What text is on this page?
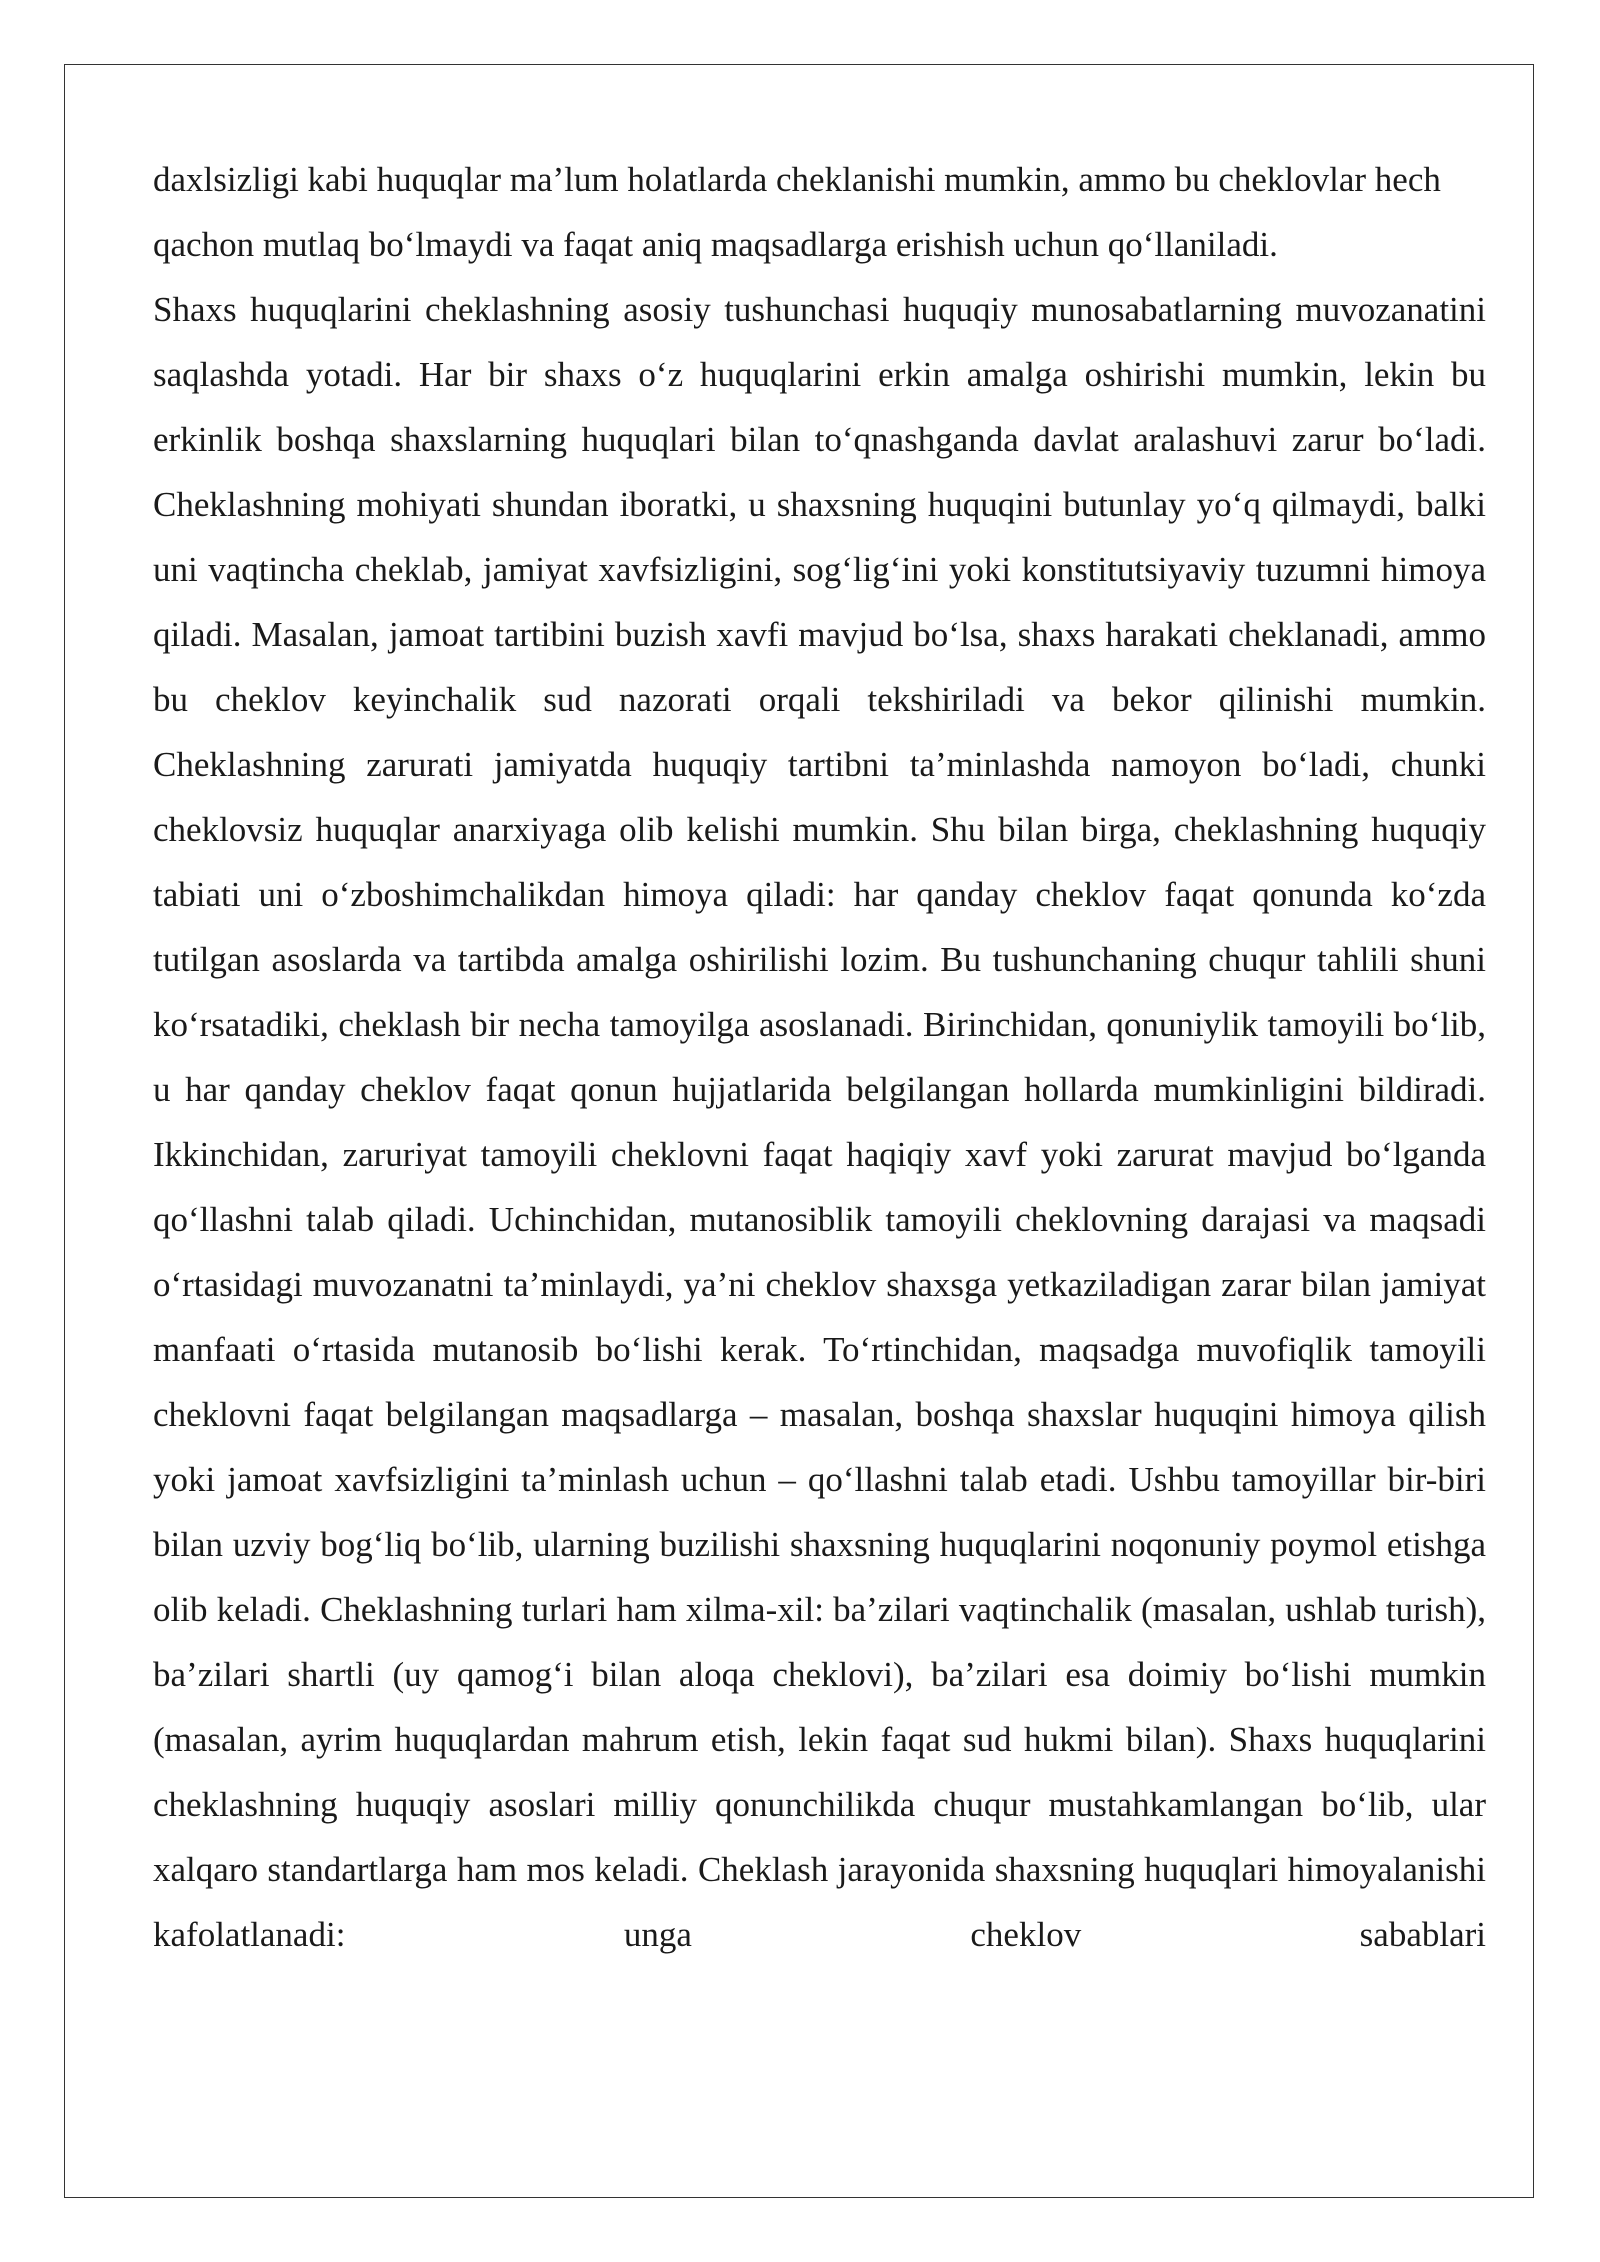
daxlsizligi kabi huquqlar ma’lum holatlarda cheklanishi mumkin, ammo bu cheklovlar hech qachon mutlaq bo‘lmaydi va faqat aniq maqsadlarga erishish uchun qo‘llaniladi.

Shaxs huquqlarini cheklashning asosiy tushunchasi huquqiy munosabatlarning muvozanatini saqlashda yotadi. Har bir shaxs o‘z huquqlarini erkin amalga oshirishi mumkin, lekin bu erkinlik boshqa shaxslarning huquqlari bilan to‘qnashganda davlat aralashuvi zarur bo‘ladi. Cheklashning mohiyati shundan iboratki, u shaxsning huquqini butunlay yo‘q qilmaydi, balki uni vaqtincha cheklab, jamiyat xavfsizligini, sog‘lig‘ini yoki konstitutsiyaviy tuzumni himoya qiladi. Masalan, jamoat tartibini buzish xavfi mavjud bo‘lsa, shaxs harakati cheklanadi, ammo bu cheklov keyinchalik sud nazorati orqali tekshiriladi va bekor qilinishi mumkin. Cheklashning zarurati jamiyatda huquqiy tartibni ta’minlashda namoyon bo‘ladi, chunki cheklovsiz huquqlar anarxiyaga olib kelishi mumkin. Shu bilan birga, cheklashning huquqiy tabiati uni o‘zboshimchalikdan himoya qiladi: har qanday cheklov faqat qonunda ko‘zda tutilgan asoslarda va tartibda amalga oshirilishi lozim. Bu tushunchaning chuqur tahlili shuni ko‘rsatadiki, cheklash bir necha tamoyilga asoslanadi. Birinchidan, qonuniylik tamoyili bo‘lib, u har qanday cheklov faqat qonun hujjatlarida belgilangan hollarda mumkinligini bildiradi. Ikkinchidan, zaruriyat tamoyili cheklovni faqat haqiqiy xavf yoki zarurat mavjud bo‘lganda qo‘llashni talab qiladi. Uchinchidan, mutanosiblik tamoyili cheklovning darajasi va maqsadi o‘rtasidagi muvozanatni ta’minlaydi, ya’ni cheklov shaxsga yetkaziladigan zarar bilan jamiyat manfaati o‘rtasida mutanosib bo‘lishi kerak. To‘rtinchidan, maqsadga muvofiqlik tamoyili cheklovni faqat belgilangan maqsadlarga – masalan, boshqa shaxslar huquqini himoya qilish yoki jamoat xavfsizligini ta’minlash uchun – qo‘llashni talab etadi. Ushbu tamoyillar bir-biri bilan uzviy bog‘liq bo‘lib, ularning buzilishi shaxsning huquqlarini noqonuniy poymol etishga olib keladi. Cheklashning turlari ham xilma-xil: ba’zilari vaqtinchalik (masalan, ushlab turish), ba’zilari shartli (uy qamog‘i bilan aloqa cheklovi), ba’zilari esa doimiy bo‘lishi mumkin (masalan, ayrim huquqlardan mahrum etish, lekin faqat sud hukmi bilan). Shaxs huquqlarini cheklashning huquqiy asoslari milliy qonunchilikda chuqur mustahkamlangan bo‘lib, ular xalqaro standartlarga ham mos keladi. Cheklash jarayonida shaxsning huquqlari himoyalanishi kafolatlanadi: unga cheklov sabablari
